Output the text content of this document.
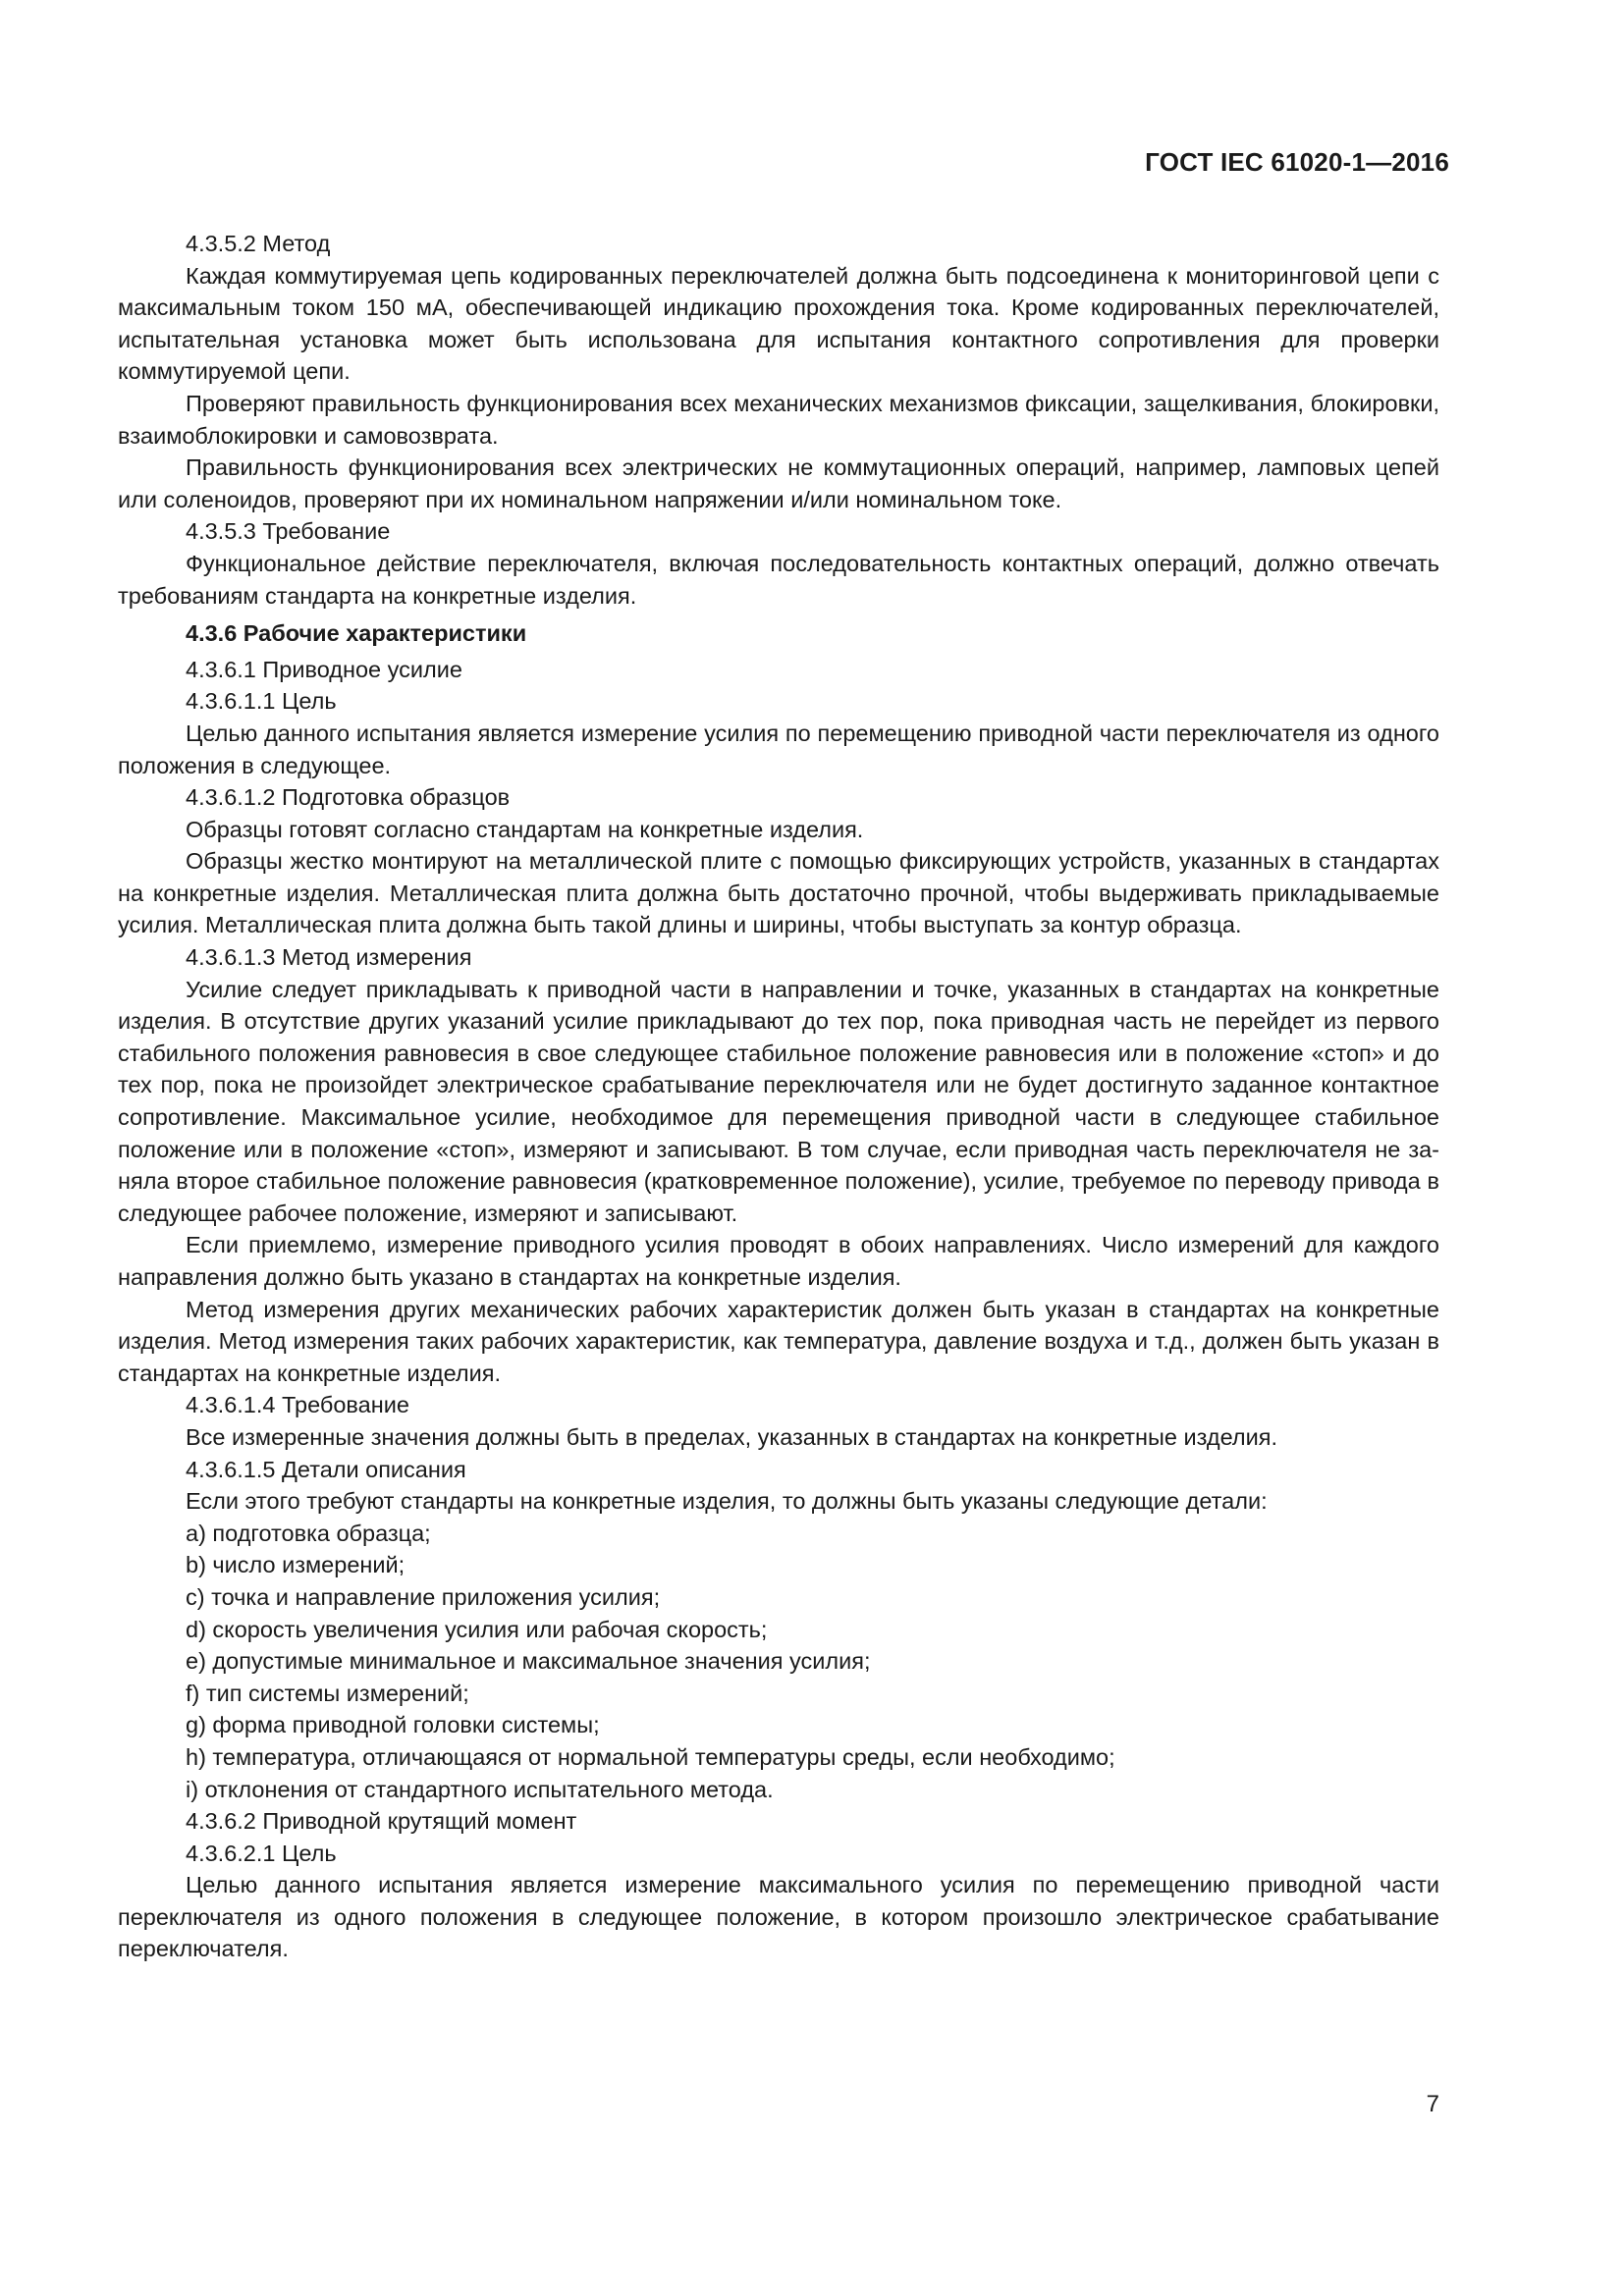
ГОСТ IEC 61020-1—2016

4.3.5.2 Метод

Каждая коммутируемая цепь кодированных переключателей должна быть подсоединена к мониторинговой цепи с максимальным током 150 мА, обеспечивающей индикацию прохождения тока. Кроме кодированных переключателей, испытательная установка может быть использована для испытания контактного сопротивления для проверки коммутируемой цепи.

Проверяют правильность функционирования всех механических механизмов фиксации, защелкивания, блокировки, взаимоблокировки и самовозврата.

Правильность функционирования всех электрических не коммутационных операций, например, ламповых цепей или соленоидов, проверяют при их номинальном напряжении и/или номинальном токе.

4.3.5.3 Требование

Функциональное действие переключателя, включая последовательность контактных операций, должно отвечать требованиям стандарта на конкретные изделия.

4.3.6 Рабочие характеристики

4.3.6.1 Приводное усилие

4.3.6.1.1 Цель

Целью данного испытания является измерение усилия по перемещению приводной части переключателя из одного положения в следующее.

4.3.6.1.2 Подготовка образцов

Образцы готовят согласно стандартам на конкретные изделия.

Образцы жестко монтируют на металлической плите с помощью фиксирующих устройств, указанных в стандартах на конкретные изделия. Металлическая плита должна быть достаточно прочной, чтобы выдерживать прикладываемые усилия. Металлическая плита должна быть такой длины и ширины, чтобы выступать за контур образца.

4.3.6.1.3 Метод измерения

Усилие следует прикладывать к приводной части в направлении и точке, указанных в стандартах на конкретные изделия. В отсутствие других указаний усилие прикладывают до тех пор, пока приводная часть не перейдет из первого стабильного положения равновесия в свое следующее стабильное положение равновесия или в положение «стоп» и до тех пор, пока не произойдет электрическое срабатывание переключателя или не будет достигнуто заданное контактное сопротивление. Максимальное усилие, необходимое для перемещения приводной части в следующее стабильное положение или в положение «стоп», измеряют и записывают. В том случае, если приводная часть переключателя не заняла второе стабильное положение равновесия (кратковременное положение), усилие, требуемое по переводу привода в следующее рабочее положение, измеряют и записывают.

Если приемлемо, измерение приводного усилия проводят в обоих направлениях. Число измерений для каждого направления должно быть указано в стандартах на конкретные изделия.

Метод измерения других механических рабочих характеристик должен быть указан в стандартах на конкретные изделия. Метод измерения таких рабочих характеристик, как температура, давление воздуха и т.д., должен быть указан в стандартах на конкретные изделия.

4.3.6.1.4 Требование

Все измеренные значения должны быть в пределах, указанных в стандартах на конкретные изделия.

4.3.6.1.5 Детали описания

Если этого требуют стандарты на конкретные изделия, то должны быть указаны следующие детали:

a) подготовка образца;

b) число измерений;

c) точка и направление приложения усилия;

d) скорость увеличения усилия или рабочая скорость;

e) допустимые минимальное и максимальное значения усилия;

f) тип системы измерений;

g) форма приводной головки системы;

h) температура, отличающаяся от нормальной температуры среды, если необходимо;

i) отклонения от стандартного испытательного метода.

4.3.6.2 Приводной крутящий момент

4.3.6.2.1 Цель

Целью данного испытания является измерение максимального усилия по перемещению приводной части переключателя из одного положения в следующее положение, в котором произошло электрическое срабатывание переключателя.

7
